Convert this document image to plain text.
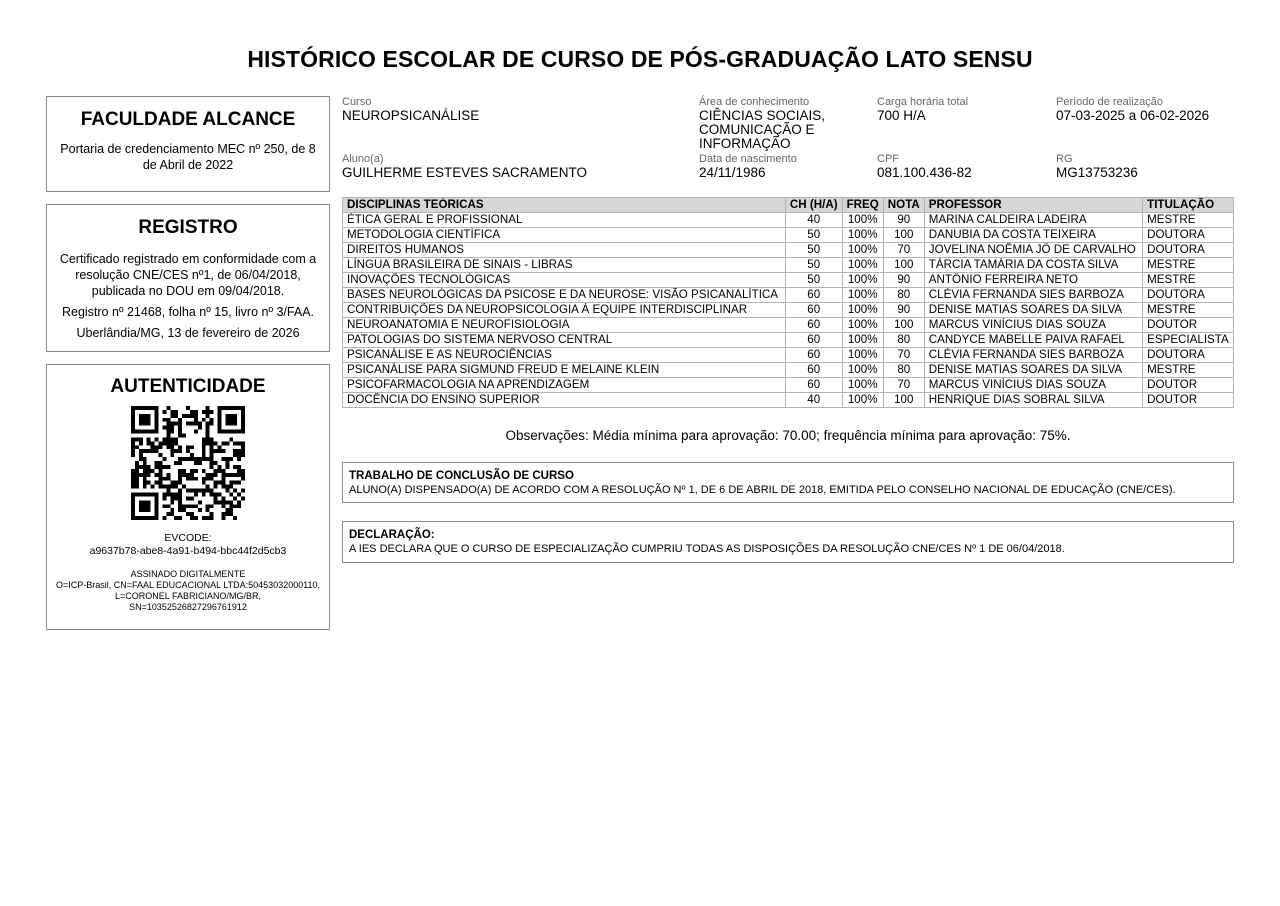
HISTÓRICO ESCOLAR DE CURSO DE PÓS-GRADUAÇÃO LATO SENSU
FACULDADE ALCANCE

Portaria de credenciamento MEC nº 250, de 8 de Abril de 2022

REGISTRO

Certificado registrado em conformidade com a resolução CNE/CES nº1, de 06/04/2018, publicada no DOU em 09/04/2018.

Registro nº 21468, folha nº 15, livro nº 3/FAA.

Uberlândia/MG, 13 de fevereiro de 2026

AUTENTICIDADE
EVCODE:
a9637b78-abe8-4a91-b494-bbc44f2d5cb3
ASSINADO DIGITALMENTE
O=ICP-Brasil, CN=FAAL EDUCACIONAL LTDA:50453032000110, L=CORONEL FABRICIANO/MG/BR, SN=10352526827296761912
Curso
NEUROPSICANÁLISE
Área de conhecimento
CIÊNCIAS SOCIAIS, COMUNICAÇÃO E INFORMAÇÃO
Carga horária total
700 H/A
Período de realização
07-03-2025 a 06-02-2026
Aluno(a)
GUILHERME ESTEVES SACRAMENTO
Data de nascimento
24/11/1986
CPF
081.100.436-82
RG
MG13753236
DISCIPLINAS TEÓRICAS	CH (H/A)	FREQ	NOTA	PROFESSOR	TITULAÇÃO
ÉTICA GERAL E PROFISSIONAL	40	100%	90	MARINA CALDEIRA LADEIRA	MESTRE
METODOLOGIA CIENTÍFICA	50	100%	100	DANUBIA DA COSTA TEIXEIRA	DOUTORA
DIREITOS HUMANOS	50	100%	70	JOVELINA NOÊMIA JÔ DE CARVALHO	DOUTORA
LÍNGUA BRASILEIRA DE SINAIS - LIBRAS	50	100%	100	TÁRCIA TAMÁRIA DA COSTA SILVA	MESTRE
INOVAÇÕES TECNOLÓGICAS	50	100%	90	ANTÔNIO FERREIRA NETO	MESTRE
BASES NEUROLÓGICAS DA PSICOSE E DA NEUROSE: VISÃO PSICANALÍTICA	60	100%	80	CLÉVIA FERNANDA SIES BARBOZA	DOUTORA
CONTRIBUIÇÕES DA NEUROPSICOLOGIA À EQUIPE INTERDISCIPLINAR	60	100%	90	DENISE MATIAS SOARES DA SILVA	MESTRE
NEUROANATOMIA E NEUROFISIOLOGIA	60	100%	100	MARCUS VINÍCIUS DIAS SOUZA	DOUTOR
PATOLOGIAS DO SISTEMA NERVOSO CENTRAL	60	100%	80	CANDYCE MABELLE PAIVA RAFAEL	ESPECIALISTA
PSICANÁLISE E AS NEUROCIÊNCIAS	60	100%	70	CLÉVIA FERNANDA SIES BARBOZA	DOUTORA
PSICANÁLISE PARA SIGMUND FREUD E MELAINE KLEIN	60	100%	80	DENISE MATIAS SOARES DA SILVA	MESTRE
PSICOFARMACOLOGIA NA APRENDIZAGEM	60	100%	70	MARCUS VINÍCIUS DIAS SOUZA	DOUTOR
DOCÊNCIA DO ENSINO SUPERIOR	40	100%	100	HENRIQUE DIAS SOBRAL SILVA	DOUTOR
Observações: Média mínima para aprovação: 70.00; frequência mínima para aprovação: 75%.
TRABALHO DE CONCLUSÃO DE CURSO
ALUNO(A) DISPENSADO(A) DE ACORDO COM A RESOLUÇÃO Nº 1, DE 6 DE ABRIL DE 2018, EMITIDA PELO CONSELHO NACIONAL DE EDUCAÇÃO (CNE/CES).
DECLARAÇÃO:
A IES DECLARA QUE O CURSO DE ESPECIALIZAÇÃO CUMPRIU TODAS AS DISPOSIÇÕES DA RESOLUÇÃO CNE/CES Nº 1 DE 06/04/2018.
